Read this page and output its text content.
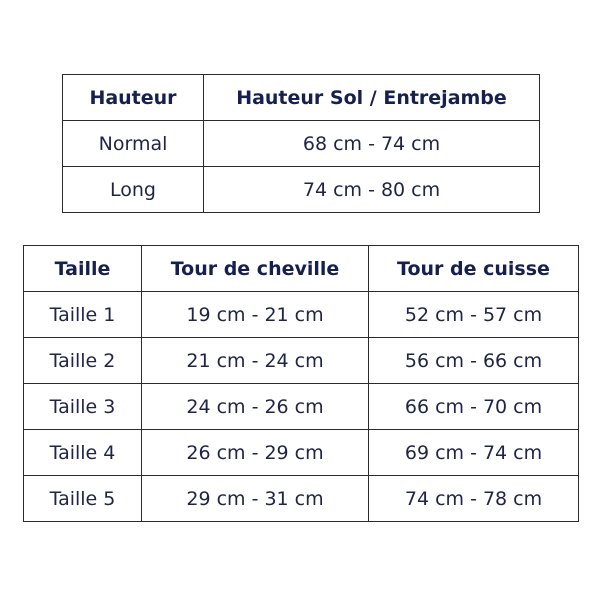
Hauteur	Hauteur Sol / Entrejambe
Normal	68 cm - 74 cm
Long	74 cm - 80 cm
Taille	Tour de cheville	Tour de cuisse
Taille 1	19 cm - 21 cm	52 cm - 57 cm
Taille 2	21 cm - 24 cm	56 cm - 66 cm
Taille 3	24 cm - 26 cm	66 cm - 70 cm
Taille 4	26 cm - 29 cm	69 cm - 74 cm
Taille 5	29 cm - 31 cm	74 cm - 78 cm
